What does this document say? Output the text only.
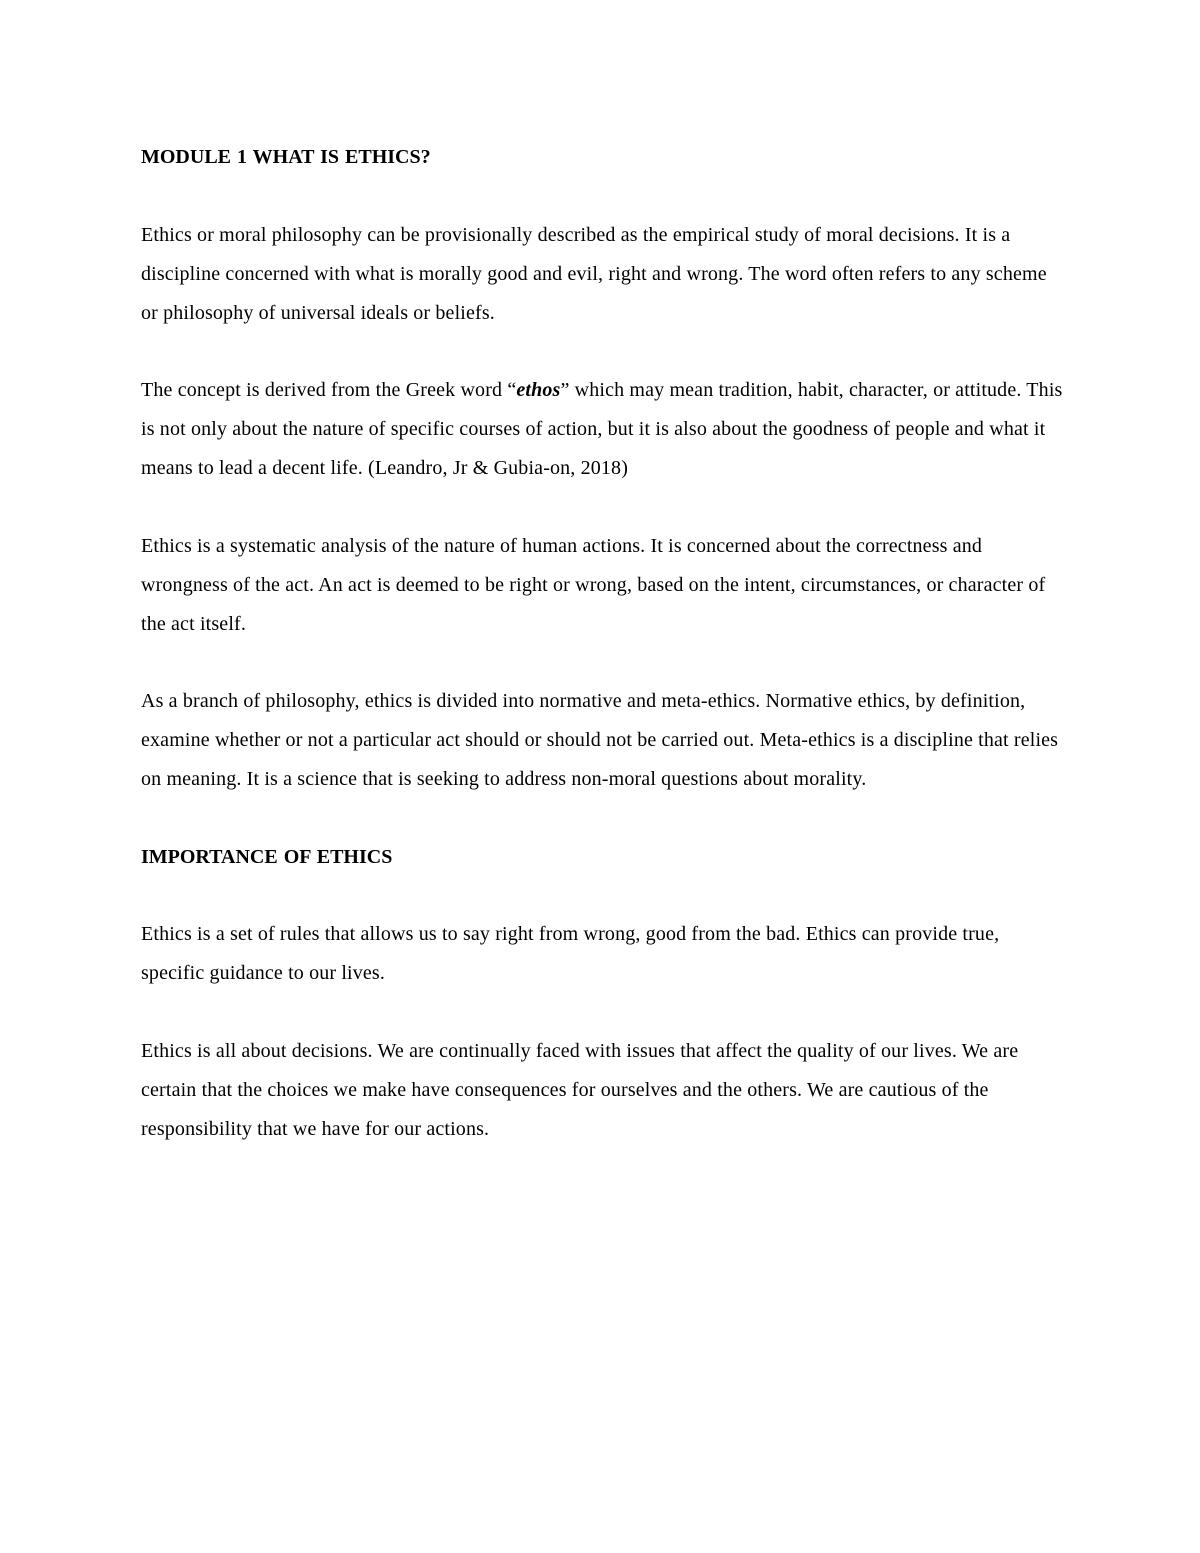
MODULE 1 WHAT IS ETHICS?

Ethics or moral philosophy can be provisionally described as the empirical study of moral decisions. It is a discipline concerned with what is morally good and evil, right and wrong. The word often refers to any scheme or philosophy of universal ideals or beliefs.

The concept is derived from the Greek word “ethos” which may mean tradition, habit, character, or attitude. This is not only about the nature of specific courses of action, but it is also about the goodness of people and what it means to lead a decent life. (Leandro, Jr & Gubia-on, 2018)

Ethics is a systematic analysis of the nature of human actions. It is concerned about the correctness and wrongness of the act. An act is deemed to be right or wrong, based on the intent, circumstances, or character of the act itself.

As a branch of philosophy, ethics is divided into normative and meta-ethics. Normative ethics, by definition, examine whether or not a particular act should or should not be carried out. Meta-ethics is a discipline that relies on meaning. It is a science that is seeking to address non-moral questions about morality.

IMPORTANCE OF ETHICS

Ethics is a set of rules that allows us to say right from wrong, good from the bad. Ethics can provide true, specific guidance to our lives.

Ethics is all about decisions. We are continually faced with issues that affect the quality of our lives. We are certain that the choices we make have consequences for ourselves and the others. We are cautious of the responsibility that we have for our actions.
